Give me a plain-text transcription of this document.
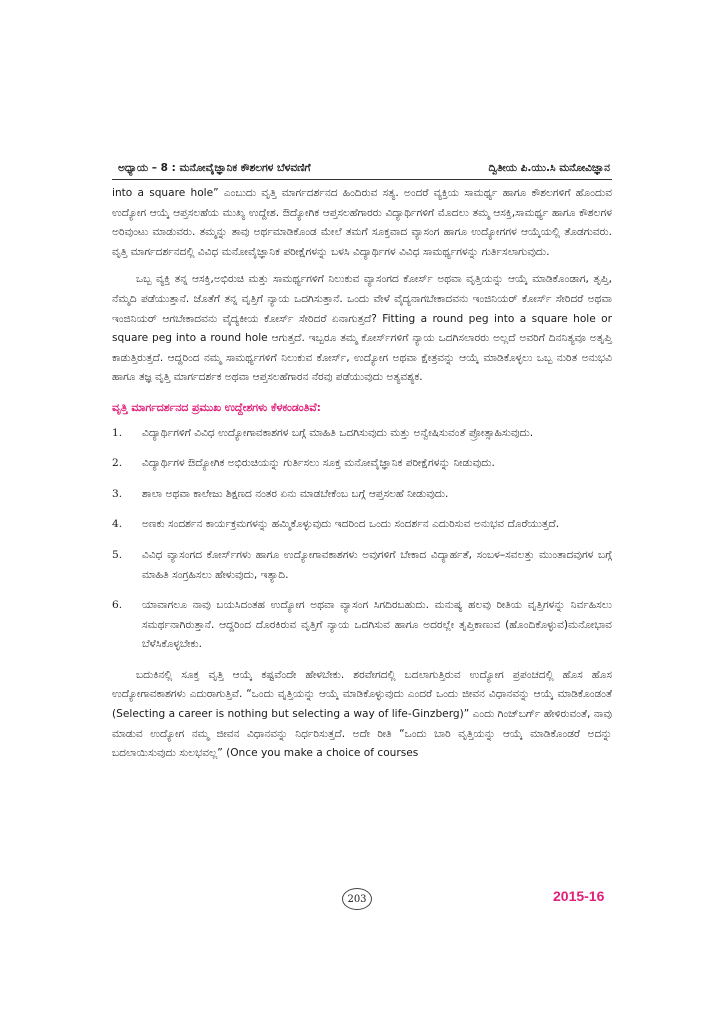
ಅಧ್ಯಾಯ – 8 : ಮನೋವೈಜ್ಞಾನಿಕ ಕೌಶಲಗಳ ಬೆಳವಣಿಗೆ	ದ್ವಿತೀಯ ಪಿ.ಯು.ಸಿ ಮನೋವಿಜ್ಞಾನ

into a square hole” ಎಂಬುದು ವೃತ್ತಿ ಮಾರ್ಗದರ್ಶನದ ಹಿಂದಿರುವ ಸತ್ಯ. ಅಂದರೆ ವ್ಯಕ್ತಿಯ ಸಾಮರ್ಥ್ಯ ಹಾಗೂ ಕೌಶಲಗಳಿಗೆ ಹೊಂದುವ ಉದ್ಯೋಗ ಆಯ್ಕೆ ಆಪ್ತಸಲಹೆಯ ಮುಖ್ಯ ಉದ್ದೇಶ. ಔದ್ಯೋಗಿಕ ಆಪ್ತಸಲಹೆಗಾರರು ವಿದ್ಯಾರ್ಥಿಗಳಿಗೆ ಮೊದಲು ತಮ್ಮ ಆಸಕ್ತಿ,ಸಾಮರ್ಥ್ಯ ಹಾಗೂ ಕೌಶಲಗಳ ಅರಿವುಂಟು ಮಾಡುವರು. ತಮ್ಮನ್ನು ತಾವು ಅರ್ಥಮಾಡಿಕೊಂಡ ಮೇಲೆ ತಮಗೆ ಸೂಕ್ತವಾದ ವ್ಯಾಸಂಗ ಹಾಗೂ ಉದ್ಯೋಗಗಳ ಆಯ್ಕೆಯಲ್ಲಿ ತೊಡಗುವರು. ವೃತ್ತಿ ಮಾರ್ಗದರ್ಶನದಲ್ಲಿ ವಿವಿಧ ಮನೋವೈಜ್ಞಾನಿಕ ಪರೀಕ್ಷೆಗಳನ್ನು ಬಳಸಿ ವಿದ್ಯಾರ್ಥಿಗಳ ವಿವಿಧ ಸಾಮರ್ಥ್ಯಗಳನ್ನು ಗುರ್ತಿಸಲಾಗುವುದು.

ಒಬ್ಬ ವ್ಯಕ್ತಿ ತನ್ನ ಆಸಕ್ತಿ,ಅಭಿರುಚಿ ಮತ್ತು ಸಾಮರ್ಥ್ಯಗಳಿಗೆ ನಿಲುಕುವ ವ್ಯಾಸಂಗದ ಕೋರ್ಸ್ ಅಥವಾ ವೃತ್ತಿಯನ್ನು ಆಯ್ಕೆ ಮಾಡಿಕೊಂಡಾಗ, ತೃಪ್ತಿ, ನೆಮ್ಮದಿ ಪಡೆಯುತ್ತಾನೆ. ಜೊತೆಗೆ ತನ್ನ ವೃತ್ತಿಗೆ ನ್ಯಾಯ ಒದಗಿಸುತ್ತಾನೆ. ಒಂದು ವೇಳೆ ವೈದ್ಯನಾಗಬೇಕಾದವನು ಇಂಜಿನಿಯರ್ ಕೋರ್ಸ್ ಸೇರಿದರೆ ಅಥವಾ ಇಂಜಿನಿಯರ್ ಆಗಬೇಕಾದವನು ವೈದ್ಯಕೀಯ ಕೋರ್ಸ್ ಸೇರಿದರೆ ಏನಾಗುತ್ತದೆ? Fitting a round peg into a square hole or square peg into a round hole ಆಗುತ್ತದೆ. ಇಬ್ಬರೂ ತಮ್ಮ ಕೋರ್ಸ್‌ಗಳಿಗೆ ನ್ಯಾಯ ಒದಗಿಸಲಾರರು ಅಲ್ಲದೆ ಅವರಿಗೆ ದಿನನಿತ್ಯವೂ ಅತೃಪ್ತಿ ಕಾಡುತ್ತಿರುತ್ತದೆ. ಆದ್ದರಿಂದ ನಮ್ಮ ಸಾಮರ್ಥ್ಯಗಳಿಗೆ ನಿಲುಕುವ ಕೋರ್ಸ್, ಉದ್ಯೋಗ ಅಥವಾ ಕ್ಷೇತ್ರವನ್ನು ಆಯ್ಕೆ ಮಾಡಿಕೊಳ್ಳಲು ಒಬ್ಬ ನುರಿತ ಅನುಭವಿ ಹಾಗೂ ತಜ್ಞ ವೃತ್ತಿ ಮಾರ್ಗದರ್ಶಕ ಅಥವಾ ಆಪ್ತಸಲಹೆಗಾರನ ನೆರವು ಪಡೆಯುವುದು ಅತ್ಯವಶ್ಯಕ.

ವೃತ್ತಿ ಮಾರ್ಗದರ್ಶನದ ಪ್ರಮುಖ ಉದ್ದೇಶಗಳು ಕೆಳಕಂಡಂತಿವೆ:

1.	ವಿದ್ಯಾರ್ಥಿಗಳಿಗೆ ವಿವಿಧ ಉದ್ಯೋಗಾವಕಾಶಗಳ ಬಗ್ಗೆ ಮಾಹಿತಿ ಒದಗಿಸುವುದು ಮತ್ತು ಅನ್ವೇಷಿಸುವಂತೆ ಪ್ರೋತ್ಸಾಹಿಸುವುದು.
2.	ವಿದ್ಯಾರ್ಥಿಗಳ ಔದ್ಯೋಗಿಕ ಅಭಿರುಚಿಯನ್ನು ಗುರ್ತಿಸಲು ಸೂಕ್ತ ಮನೋವೈಜ್ಞಾನಿಕ ಪರೀಕ್ಷೆಗಳನ್ನು ನೀಡುವುದು.
3.	ಶಾಲಾ ಅಥವಾ ಕಾಲೇಜು ಶಿಕ್ಷಣದ ನಂತರ ಏನು ಮಾಡಬೇಕೆಂಬ ಬಗ್ಗೆ ಆಪ್ತಸಲಹೆ ನೀಡುವುದು.
4.	ಅಣಕು ಸಂದರ್ಶನ ಕಾರ್ಯಕ್ರಮಗಳನ್ನು ಹಮ್ಮಿಕೊಳ್ಳುವುದು ಇದರಿಂದ ಒಂದು ಸಂದರ್ಶನ ಎದುರಿಸುವ ಅನುಭವ ದೊರೆಯುತ್ತದೆ.
5.	ವಿವಿಧ ವ್ಯಾಸಂಗದ ಕೋರ್ಸ್‌ಗಳು ಹಾಗೂ ಉದ್ಯೋಗಾವಕಾಶಗಳು ಅವುಗಳಿಗೆ ಬೇಕಾದ ವಿದ್ಯಾರ್ಹತೆ, ಸಂಬಳ–ಸವಲತ್ತು ಮುಂತಾದವುಗಳ ಬಗ್ಗೆ ಮಾಹಿತಿ ಸಂಗ್ರಹಿಸಲು ಹೇಳುವುದು, ಇತ್ಯಾದಿ.
6.	ಯಾವಾಗಲೂ ನಾವು ಬಯಸಿದಂತಹ ಉದ್ಯೋಗ ಅಥವಾ ವ್ಯಾಸಂಗ ಸಿಗದಿರಬಹುದು. ಮನುಷ್ಯ ಹಲವು ರೀತಿಯ ವೃತ್ತಿಗಳನ್ನು ನಿರ್ವಹಿಸಲು ಸಮರ್ಥನಾಗಿರುತ್ತಾನೆ. ಆದ್ದರಿಂದ ದೊರಕಿರುವ ವೃತ್ತಿಗೆ ನ್ಯಾಯ ಒದಗಿಸುವ ಹಾಗೂ ಅದರಲ್ಲೇ ತೃಪ್ತಿಕಾಣುವ (ಹೊಂದಿಕೊಳ್ಳುವ)ಮನೋಭಾವ ಬೆಳೆಸಿಕೊಳ್ಳಬೇಕು.

ಬದುಕಿನಲ್ಲಿ ಸೂಕ್ತ ವೃತ್ತಿ ಆಯ್ಕೆ ಕಷ್ಟವೆಂದೇ ಹೇಳಬೇಕು. ಶರವೇಗದಲ್ಲಿ ಬದಲಾಗುತ್ತಿರುವ ಉದ್ಯೋಗ ಪ್ರಪಂಚದಲ್ಲಿ ಹೊಸ ಹೊಸ ಉದ್ಯೋಗಾವಕಾಶಗಳು ಎದುರಾಗುತ್ತಿವೆ. “ಒಂದು ವೃತ್ತಿಯನ್ನು ಆಯ್ಕೆ ಮಾಡಿಕೊಳ್ಳುವುದು ಎಂದರೆ ಒಂದು ಜೀವನ ವಿಧಾನವನ್ನು ಆಯ್ಕೆ ಮಾಡಿಕೊಂಡಂತೆ (Selecting a career is nothing but selecting a way of life-Ginzberg)” ಎಂದು ಗಿಂಜ್‌ಬರ್ಗ್ ಹೇಳಿರುವಂತೆ, ನಾವು ಮಾಡುವ ಉದ್ಯೋಗ ನಮ್ಮ ಜೀವನ ವಿಧಾನವನ್ನು ನಿರ್ಧರಿಸುತ್ತದೆ. ಅದೇ ರೀತಿ “ಒಂದು ಬಾರಿ ವೃತ್ತಿಯನ್ನು ಆಯ್ಕೆ ಮಾಡಿಕೊಂಡರೆ ಅದನ್ನು ಬದಲಾಯಿಸುವುದು ಸುಲಭವಲ್ಲ” (Once you make a choice of courses

203	2015-16
